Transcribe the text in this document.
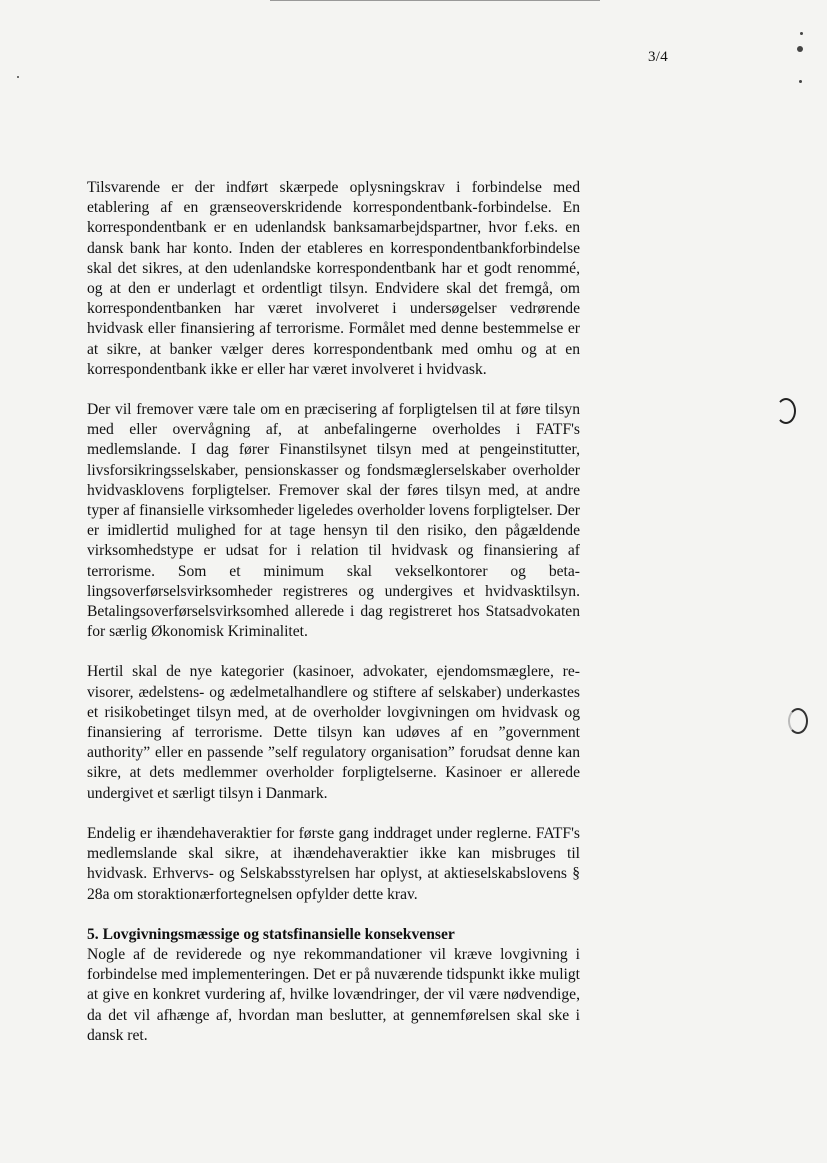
3/4

Tilsvarende er der indført skærpede oplysningskrav i forbindelse med etablering af en grænseoverskridende korrespondentbank-forbindelse. En korrespondentbank er en udenlandsk banksamarbejdspartner, hvor f.eks. en dansk bank har konto. Inden der etableres en korrespondentbankforbindelse skal det sikres, at den udenlandske korrespondentbank har et godt renommé, og at den er underlagt et ordentligt tilsyn. Endvidere skal det fremgå, om korrespondentbanken har været involveret i undersøgelser vedrørende hvidvask eller finansiering af terrorisme. Formålet med denne bestemmelse er at sikre, at banker vælger deres korrespondentbank med omhu og at en korrespondentbank ikke er eller har været involveret i hvidvask.

Der vil fremover være tale om en præcisering af forpligtelsen til at føre tilsyn med eller overvågning af, at anbefalingerne overholdes i FATF's medlemslande. I dag fører Finanstilsynet tilsyn med at pengeinstitutter, livsforsikringsselskaber, pensionskasser og fondsmæglerselskaber overholder hvidvasklovens forpligtelser. Fremover skal der føres tilsyn med, at andre typer af finansielle virksomheder ligeledes overholder lovens forpligtelser. Der er imidlertid mulighed for at tage hensyn til den risiko, den pågældende virksomhedstype er udsat for i relation til hvidvask og finansiering af terrorisme. Som et minimum skal vekselkontorer og betalingsoverførselsvirksomheder registreres og undergives et hvidvasktilsyn. Betalingsoverførselsvirksomhed allerede i dag registreret hos Statsadvokaten for særlig Økonomisk Kriminalitet.

Hertil skal de nye kategorier (kasinoer, advokater, ejendomsmæglere, revisorer, ædelstens- og ædelmetalhandlere og stiftere af selskaber) underkastes et risikobetinget tilsyn med, at de overholder lovgivningen om hvidvask og finansiering af terrorisme. Dette tilsyn kan udøves af en ”government authority” eller en passende ”self regulatory organisation” forudsat denne kan sikre, at dets medlemmer overholder forpligtelserne. Kasinoer er allerede undergivet et særligt tilsyn i Danmark.

Endelig er ihændehaveraktier for første gang inddraget under reglerne. FATF's medlemslande skal sikre, at ihændehaveraktier ikke kan misbruges til hvidvask. Erhvervs- og Selskabsstyrelsen har oplyst, at aktieselskabslovens § 28a om storaktionærfortegnelsen opfylder dette krav.

5. Lovgivningsmæssige og statsfinansielle konsekvenser

Nogle af de reviderede og nye rekommandationer vil kræve lovgivning i forbindelse med implementeringen. Det er på nuværende tidspunkt ikke muligt at give en konkret vurdering af, hvilke lovændringer, der vil være nødvendige, da det vil afhænge af, hvordan man beslutter, at gennemførelsen skal ske i dansk ret.
